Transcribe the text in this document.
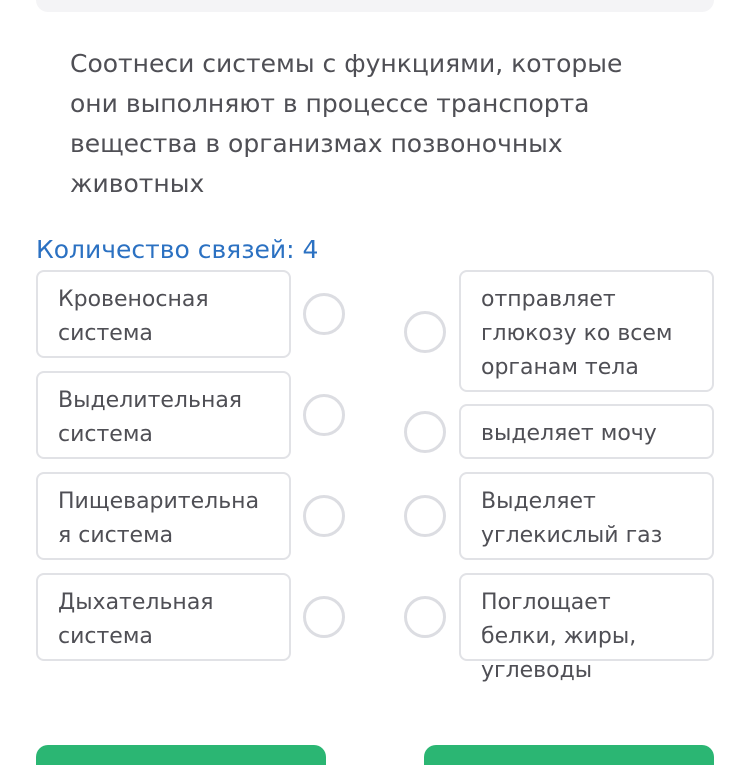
Соотнеси системы с функциями, которые они выполняют в процессе транспорта вещества в организмах позвоночных животных

Количество связей: 4
Кровеносная система
Выделительная система
Пищеварительная система
Дыхательная система
отправляет глюкозу ко всем органам тела
выделяет мочу
Выделяет углекислый газ
Поглощает белки, жиры, углеводы
